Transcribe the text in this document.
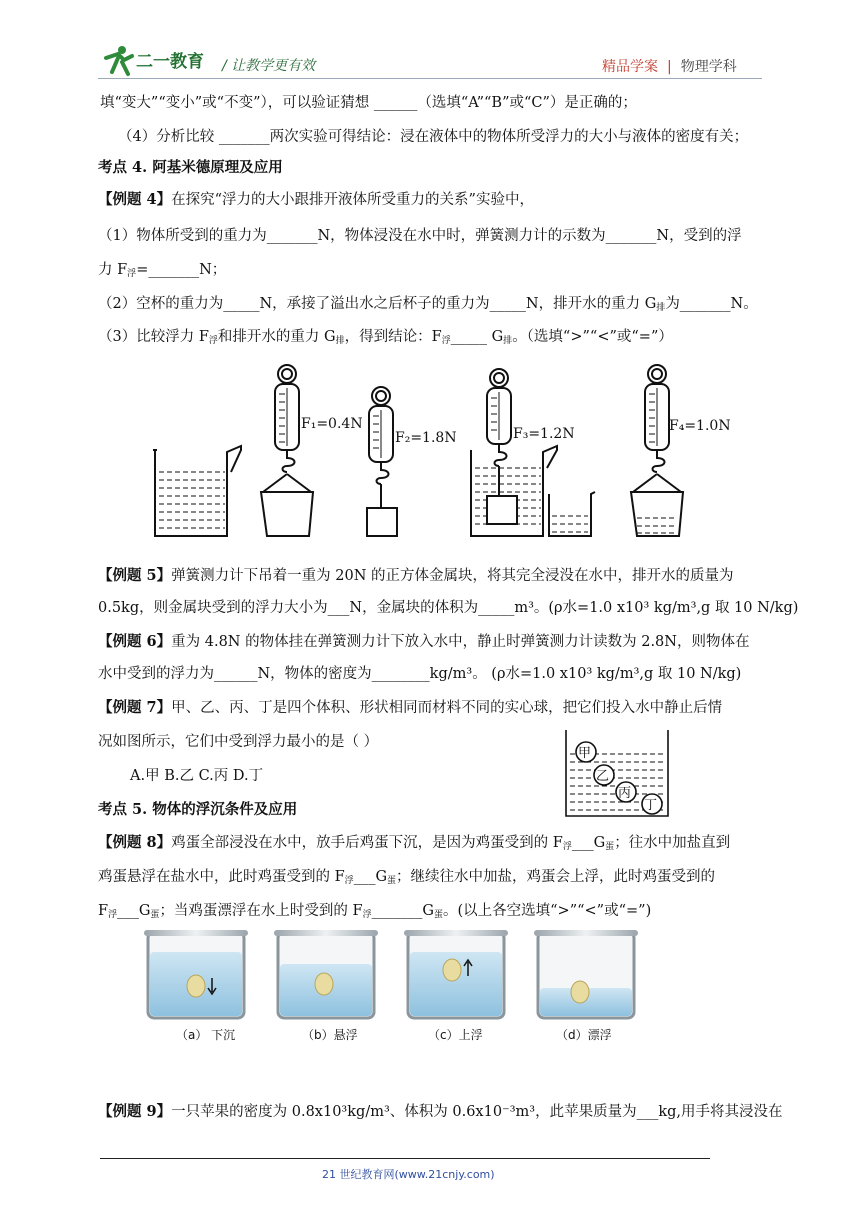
二一教育 / 让教学更有效	精品学案 | 物理学科
填“变大”“变小”或“不变”），可以验证猜想 ______（选填“A”“B”或“C”）是正确的；
（4）分析比较 _______两次实验可得结论：浸在液体中的物体所受浮力的大小与液体的密度有关；
考点 4. 阿基米德原理及应用
【例题 4】在探究“浮力的大小跟排开液体所受重力的关系”实验中，
（1）物体所受到的重力为_______N，物体浸没在水中时，弹簧测力计的示数为_______N，受到的浮
力 $F_浮=\_\_\_\_\_\_\_N$；
（2）空杯的重力为_____N，承接了溢出水之后杯子的重力为_____N，排开水的重力 $G_排$为_______N。
（3）比较浮力 $F_浮$和排开水的重力 $G_排$，得到结论：$F_浮\_\_\_\_\_$ $G_排$。（选填“>”“<”或“=”）
F₁=0.4N
F₂=1.8N	F₃=1.2N	F₄=1.0N
【例题 5】弹簧测力计下吊着一重为 20N 的正方体金属块，将其完全浸没在水中，排开水的质量为
0.5kg，则金属块受到的浮力大小为___N，金属块的体积为_____m³。(ρ水=1.0 x10³ kg/m³,g 取 10 N/kg)
【例题 6】重为 4.8N 的物体挂在弹簧测力计下放入水中，静止时弹簧测力计读数为 2.8N，则物体在
水中受到的浮力为______N，物体的密度为________kg/m³。 (ρ水=1.0 x10³ kg/m³,g 取 10 N/kg)
【例题 7】甲、乙、丙、丁是四个体积、形状相同而材料不同的实心球，把它们投入水中静止后情
况如图所示，它们中受到浮力最小的是（ ）
A.甲 B.乙 C.丙 D.丁
甲
乙
丙
丁
考点 5. 物体的浮沉条件及应用
【例题 8】鸡蛋全部浸没在水中，放手后鸡蛋下沉，是因为鸡蛋受到的 $F_浮\_\_\_G_蛋$；往水中加盐直到
鸡蛋悬浮在盐水中，此时鸡蛋受到的 $F_浮\_\_\_G_蛋$；继续往水中加盐，鸡蛋会上浮，此时鸡蛋受到的
$F_浮\_\_\_G_蛋$；当鸡蛋漂浮在水上时受到的 $F_浮\_\_\_\_\_\_\_G_蛋$。(以上各空选填“>”“<”或“=”)
（a） 下沉	（b）悬浮	（c）上浮	（d）漂浮
【例题 9】一只苹果的密度为 0.8x10³kg/m³、体积为 0.6x10⁻³m³，此苹果质量为___kg,用手将其浸没在
21 世纪教育网(www.21cnjy.com)
